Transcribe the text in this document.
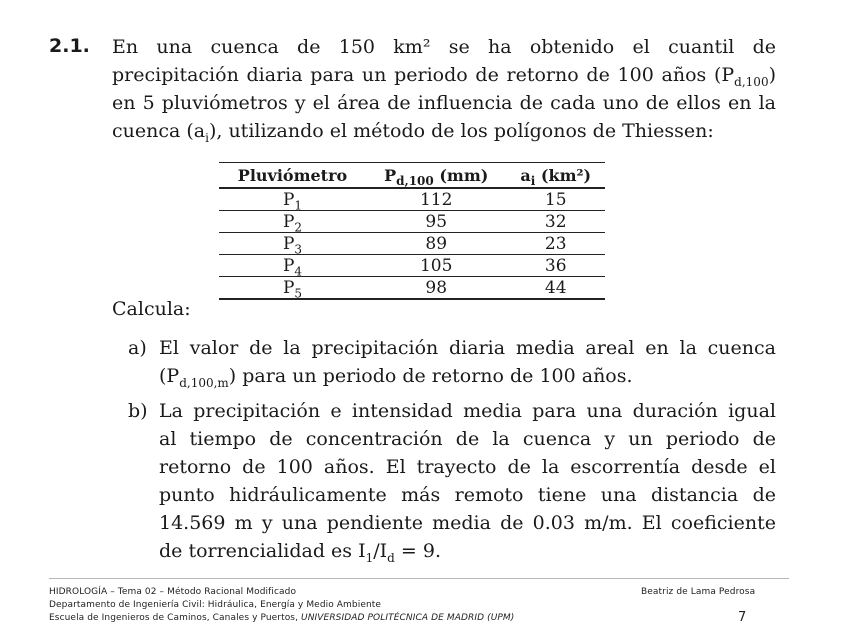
2.1. En una cuenca de 150 km² se ha obtenido el cuantil de
precipitación diaria para un periodo de retorno de 100 años $(P_{d,100})$
en 5 pluviómetros y el área de influencia de cada uno de ellos en la
cuenca $(a_i)$, utilizando el método de los polígonos de Thiessen:
Pluviómetro	$P_{d,100}$ (mm)	$a_i$ (km²)
$P_1$	112	15
$P_2$	95	32
$P_3$	89	23
$P_4$	105	36
$P_5$	98	44
Calcula:
a) El valor de la precipitación diaria media areal en la cuenca
$(P_{d,100,m})$ para un periodo de retorno de 100 años.
b) La precipitación e intensidad media para una duración igual
al tiempo de concentración de la cuenca y un periodo de
retorno de 100 años. El trayecto de la escorrentía desde el
punto hidráulicamente más remoto tiene una distancia de
14.569 m y una pendiente media de 0.03 m/m. El coeficiente
de torrencialidad es $I_1/I_d = 9$.
HIDROLOGÍA – Tema 02 – Método Racional Modificado
Departamento de Ingeniería Civil: Hidráulica, Energía y Medio Ambiente
Escuela de Ingenieros de Caminos, Canales y Puertos, UNIVERSIDAD POLITÉCNICA DE MADRID (UPM)
Beatriz de Lama Pedrosa
7
